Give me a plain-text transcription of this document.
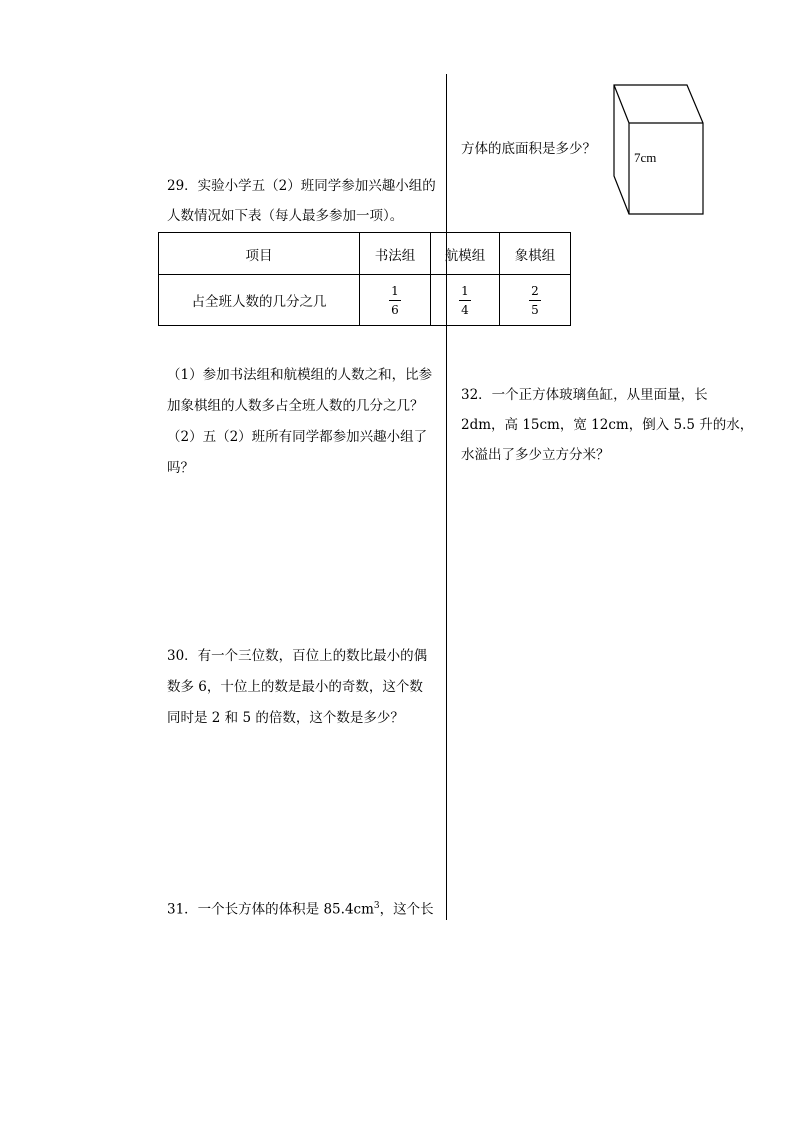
29．实验小学五（2）班同学参加兴趣小组的
人数情况如下表（每人最多参加一项）。
项目	书法组	航模组	象棋组
占全班人数的几分之几	$\frac{1}{6}$	$\frac{1}{4}$	$\frac{2}{5}$
（1）参加书法组和航模组的人数之和，比参
加象棋组的人数多占全班人数的几分之几？
（2）五（2）班所有同学都参加兴趣小组了
吗？
30．有一个三位数，百位上的数比最小的偶
数多 6，十位上的数是最小的奇数，这个数
同时是 2 和 5 的倍数，这个数是多少？
31．一个长方体的体积是 $85.4cm^3$，这个长
方体的底面积是多少？
7cm
32．一个正方体玻璃鱼缸，从里面量，长
2dm，高 15cm，宽 12cm，倒入 5.5 升的水，
水溢出了多少立方分米？
